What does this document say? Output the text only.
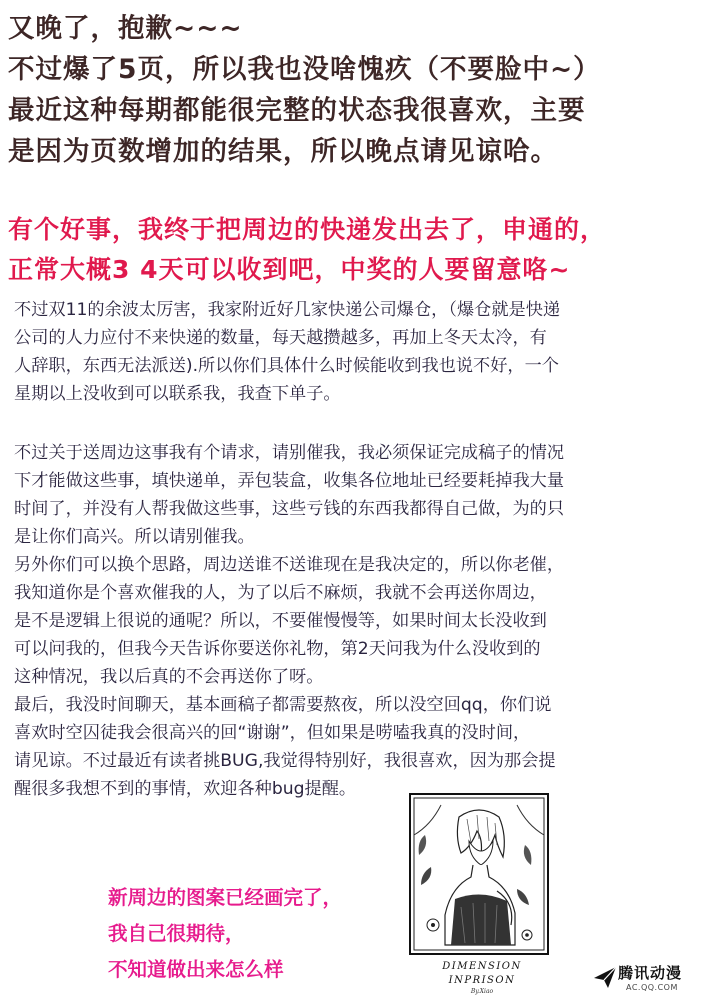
又晚了，抱歉~~~
不过爆了5页，所以我也没啥愧疚（不要脸中~）
最近这种每期都能很完整的状态我很喜欢，主要
是因为页数增加的结果，所以晚点请见谅哈。
有个好事，我终于把周边的快递发出去了，申通的，
正常大概3 4天可以收到吧，中奖的人要留意咯~
不过双11的余波太厉害，我家附近好几家快递公司爆仓，（爆仓就是快递
公司的人力应付不来快递的数量，每天越攒越多，再加上冬天太冷，有
人辞职，东西无法派送).所以你们具体什么时候能收到我也说不好，一个
星期以上没收到可以联系我，我查下单子。
不过关于送周边这事我有个请求，请别催我，我必须保证完成稿子的情况
下才能做这些事，填快递单，弄包装盒，收集各位地址已经要耗掉我大量
时间了，并没有人帮我做这些事，这些亏钱的东西我都得自己做，为的只
是让你们高兴。所以请别催我。
另外你们可以换个思路，周边送谁不送谁现在是我决定的，所以你老催，
我知道你是个喜欢催我的人，为了以后不麻烦，我就不会再送你周边，
是不是逻辑上很说的通呢？所以，不要催慢慢等，如果时间太长没收到
可以问我的，但我今天告诉你要送你礼物，第2天问我为什么没收到的
这种情况，我以后真的不会再送你了呀。
最后，我没时间聊天，基本画稿子都需要熬夜，所以没空回qq，你们说
喜欢时空囚徒我会很高兴的回“谢谢”，但如果是唠嗑我真的没时间，
请见谅。不过最近有读者挑BUG,我觉得特别好，我很喜欢，因为那会提
醒很多我想不到的事情，欢迎各种bug提醒。
DIMENSION INPRISON
By.Xiao
新周边的图案已经画完了，
我自己很期待，
不知道做出来怎么样	腾讯动漫
AC.QQ.COM
